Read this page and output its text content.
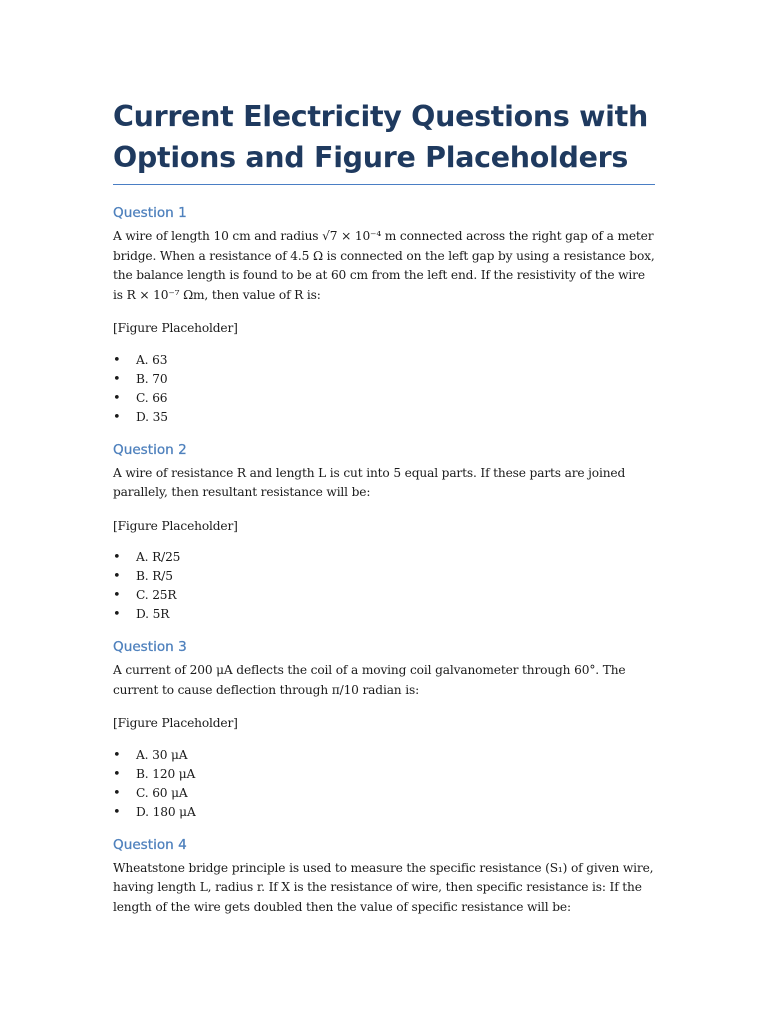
Current Electricity Questions with Options and Figure Placeholders
Question 1

A wire of length 10 cm and radius √7 × 10⁻⁴ m connected across the right gap of a meter bridge. When a resistance of 4.5 Ω is connected on the left gap by using a resistance box, the balance length is found to be at 60 cm from the left end. If the resistivity of the wire is R × 10⁻⁷ Ωm, then value of R is:

[Figure Placeholder]

• A. 63
• B. 70
• C. 66
• D. 35
Question 2

A wire of resistance R and length L is cut into 5 equal parts. If these parts are joined parallely, then resultant resistance will be:

[Figure Placeholder]

• A. R/25
• B. R/5
• C. 25R
• D. 5R
Question 3

A current of 200 μA deflects the coil of a moving coil galvanometer through 60°. The current to cause deflection through π/10 radian is:

[Figure Placeholder]

• A. 30 μA
• B. 120 μA
• C. 60 μA
• D. 180 μA
Question 4

Wheatstone bridge principle is used to measure the specific resistance (S₁) of given wire, having length L, radius r. If X is the resistance of wire, then specific resistance is: If the length of the wire gets doubled then the value of specific resistance will be:
